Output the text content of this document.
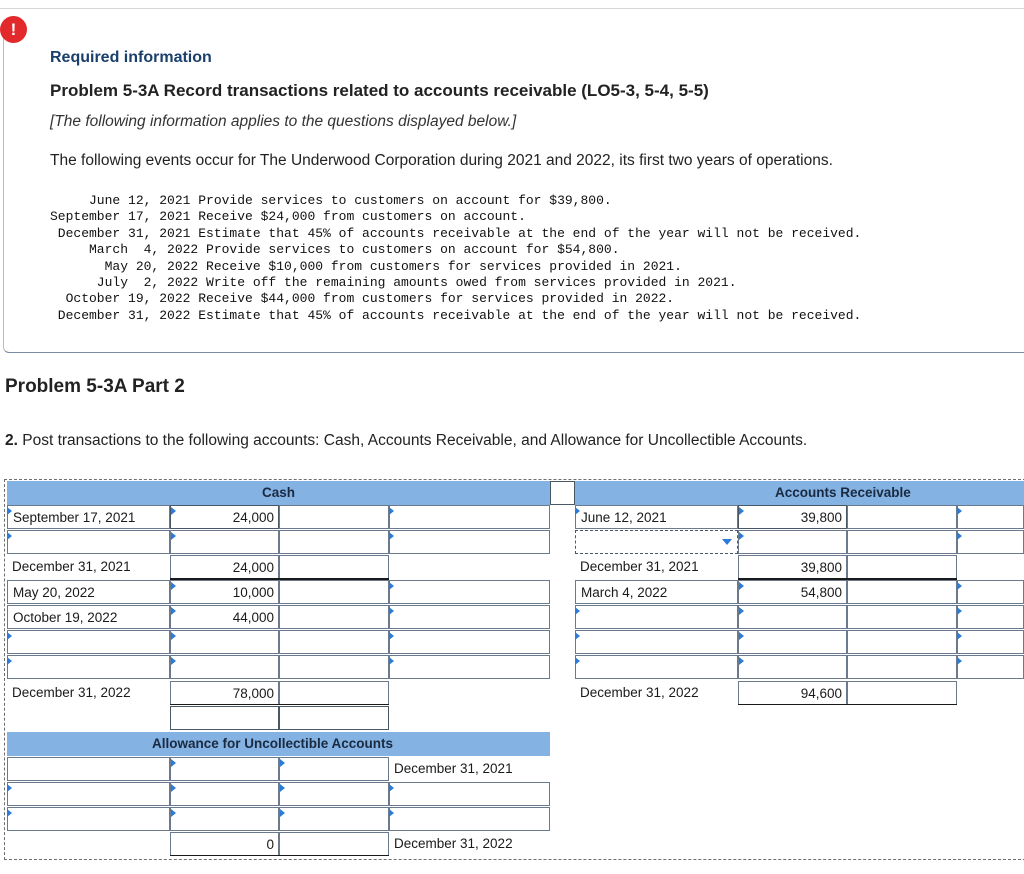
!
Required information
Problem 5-3A Record transactions related to accounts receivable (LO5-3, 5-4, 5-5)
[The following information applies to the questions displayed below.]
The following events occur for The Underwood Corporation during 2021 and 2022, its first two years of operations.
June 12, 2021 Provide services to customers on account for $39,800.
September 17, 2021 Receive $24,000 from customers on account.
December 31, 2021 Estimate that 45% of accounts receivable at the end of the year will not be received.
March  4, 2022 Provide services to customers on account for $54,800.
May 20, 2022 Receive $10,000 from customers for services provided in 2021.
July  2, 2022 Write off the remaining amounts owed from services provided in 2021.
October 19, 2022 Receive $44,000 from customers for services provided in 2022.
December 31, 2022 Estimate that 45% of accounts receivable at the end of the year will not be received.
Problem 5-3A Part 2
2. Post transactions to the following accounts: Cash, Accounts Receivable, and Allowance for Uncollectible Accounts.
Cash
September 17, 2021	24,000
December 31, 2021	24,000
May 20, 2022	10,000
October 19, 2022	44,000
December 31, 2022	78,000
Accounts Receivable
June 12, 2021	39,800
December 31, 2021	39,800
March 4, 2022	54,800
December 31, 2022	94,600
Allowance for Uncollectible Accounts
December 31, 2021
0	December 31, 2022
